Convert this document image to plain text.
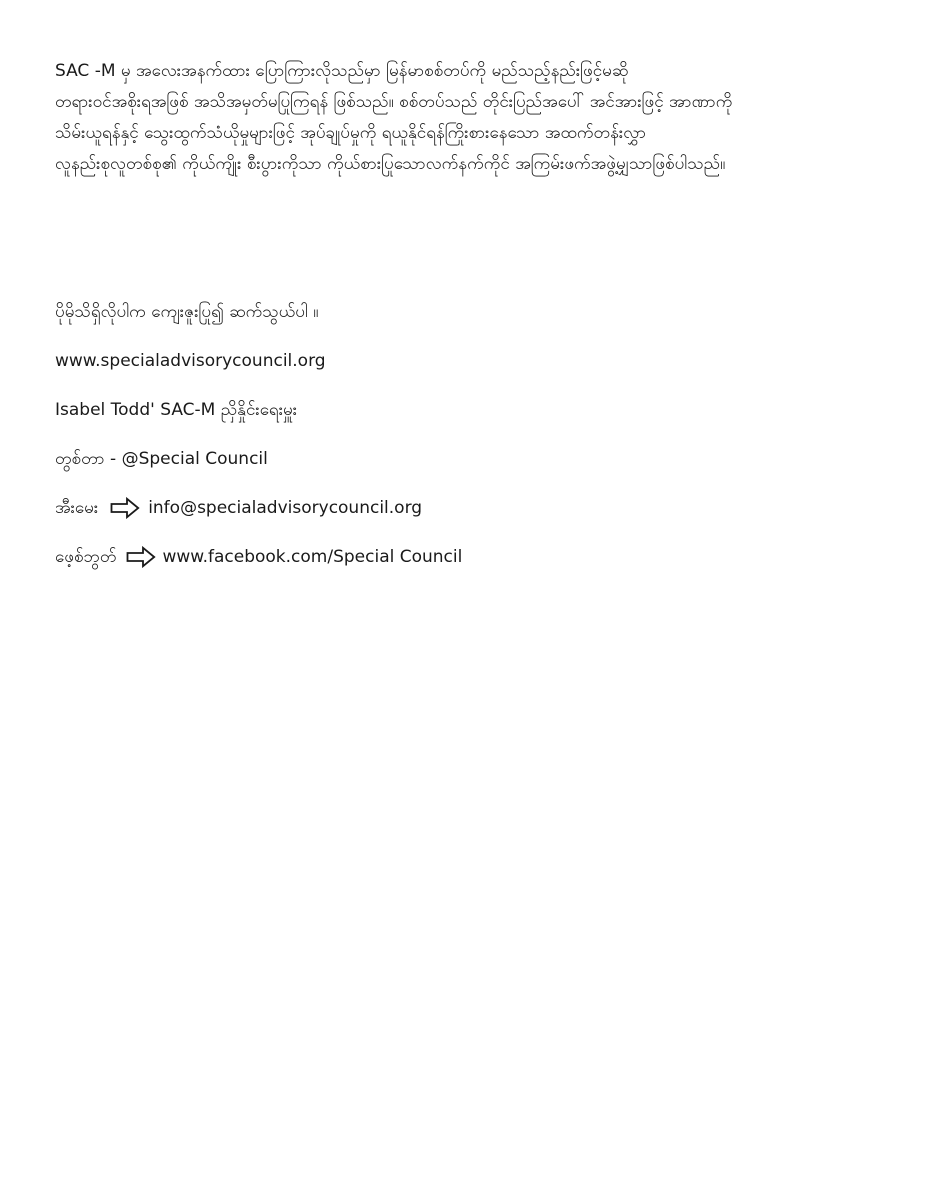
SAC -M မှ အလေးအနက်ထား ပြောကြားလိုသည်မှာ မြန်မာစစ်တပ်ကို မည်သည့်နည်းဖြင့်မဆို
တရားဝင်အစိုးရအဖြစ် အသိအမှတ်မပြုကြရန် ဖြစ်သည်။ စစ်တပ်သည် တိုင်းပြည်အပေါ် အင်အားဖြင့် အာဏာကို
သိမ်းယူရန်နှင့် သွေးထွက်သံယိုမှုများဖြင့် အုပ်ချုပ်မှုကို ရယူနိုင်ရန်ကြိုးစားနေသော အထက်တန်းလွှာ
လူနည်းစုလူတစ်စု၏ ကိုယ်ကျိုး စီးပွားကိုသာ ကိုယ်စားပြုသောလက်နက်ကိုင် အကြမ်းဖက်အဖွဲ့မျှသာဖြစ်ပါသည်။
ပိုမိုသိရှိလိုပါက ကျေးဇူးပြု၍ ဆက်သွယ်ပါ ။
www.specialadvisorycouncil.org
Isabel Todd' SAC-M ညှိနှိုင်းရေးမှူး
တွစ်တာ - @Special Council
အီးမေး	info@specialadvisorycouncil.org
ဖေ့စ်ဘွတ်	www.facebook.com/Special Council
